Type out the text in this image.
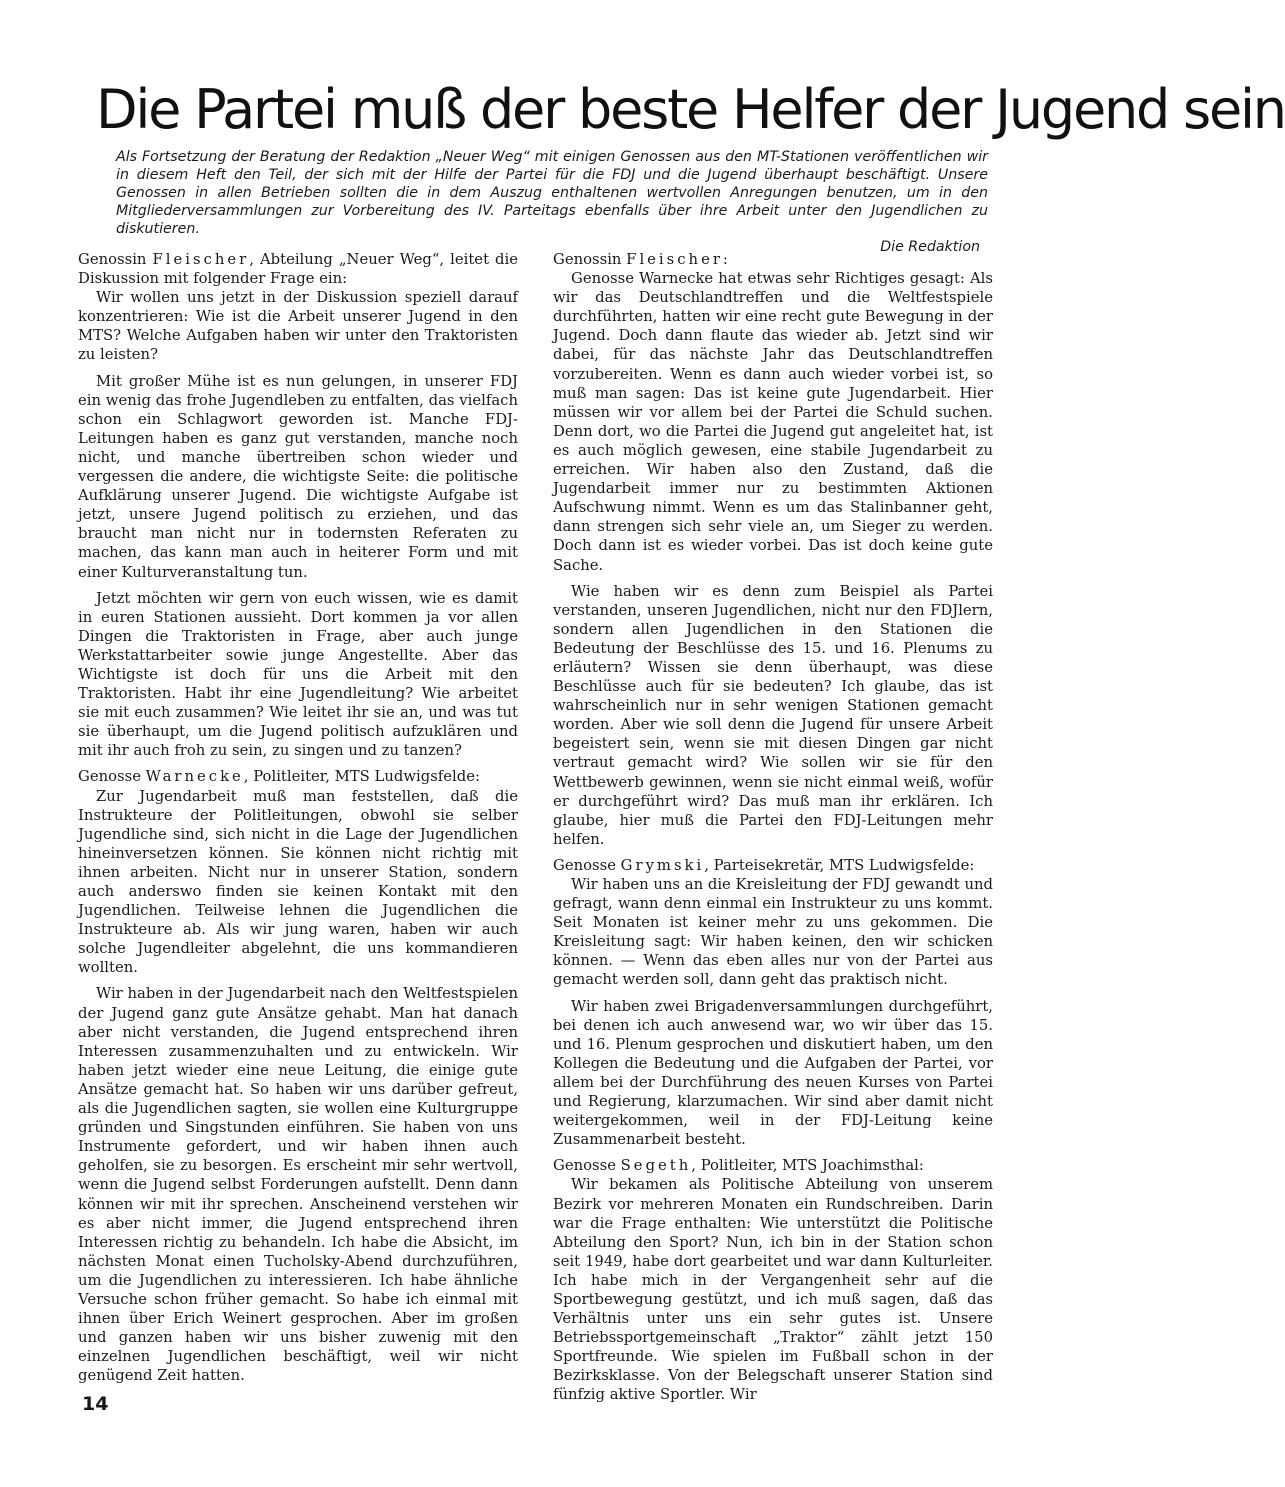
Die Partei muß der beste Helfer der Jugend sein
Als Fortsetzung der Beratung der Redaktion „Neuer Weg“ mit einigen Genossen aus den MT-Stationen veröffentlichen wir in diesem Heft den Teil, der sich mit der Hilfe der Partei für die FDJ und die Jugend überhaupt beschäftigt. Unsere Genossen in allen Betrieben sollten die in dem Auszug enthaltenen wertvollen Anregungen benutzen, um in den Mitgliederversammlungen zur Vorbereitung des IV. Parteitags ebenfalls über ihre Arbeit unter den Jugendlichen zu diskutieren.
Die Redaktion

Genossin Fleischer, Abteilung „Neuer Weg“, leitet die Diskussion mit folgender Frage ein:

Wir wollen uns jetzt in der Diskussion speziell darauf konzentrieren: Wie ist die Arbeit unserer Jugend in den MTS? Welche Aufgaben haben wir unter den Traktoristen zu leisten?

Mit großer Mühe ist es nun gelungen, in unserer FDJ ein wenig das frohe Jugendleben zu entfalten, das vielfach schon ein Schlagwort geworden ist. Manche FDJ-Leitungen haben es ganz gut verstanden, manche noch nicht, und manche übertreiben schon wieder und vergessen die andere, die wichtigste Seite: die politische Aufklärung unserer Jugend. Die wichtigste Aufgabe ist jetzt, unsere Jugend politisch zu erziehen, und das braucht man nicht nur in todernsten Referaten zu machen, das kann man auch in heiterer Form und mit einer Kulturveranstaltung tun.

Jetzt möchten wir gern von euch wissen, wie es damit in euren Stationen aussieht. Dort kommen ja vor allen Dingen die Traktoristen in Frage, aber auch junge Werkstattarbeiter sowie junge Angestellte. Aber das Wichtigste ist doch für uns die Arbeit mit den Traktoristen. Habt ihr eine Jugendleitung? Wie arbeitet sie mit euch zusammen? Wie leitet ihr sie an, und was tut sie überhaupt, um die Jugend politisch aufzuklären und mit ihr auch froh zu sein, zu singen und zu tanzen?

Genosse Warnecke, Politleiter, MTS Ludwigsfelde:

Zur Jugendarbeit muß man feststellen, daß die Instrukteure der Politleitungen, obwohl sie selber Jugendliche sind, sich nicht in die Lage der Jugendlichen hineinversetzen können. Sie können nicht richtig mit ihnen arbeiten. Nicht nur in unserer Station, sondern auch anderswo finden sie keinen Kontakt mit den Jugendlichen. Teilweise lehnen die Jugendlichen die Instrukteure ab. Als wir jung waren, haben wir auch solche Jugendleiter abgelehnt, die uns kommandieren wollten.

Wir haben in der Jugendarbeit nach den Weltfestspielen der Jugend ganz gute Ansätze gehabt. Man hat danach aber nicht verstanden, die Jugend entsprechend ihren Interessen zusammenzuhalten und zu entwickeln. Wir haben jetzt wieder eine neue Leitung, die einige gute Ansätze gemacht hat. So haben wir uns darüber gefreut, als die Jugendlichen sagten, sie wollen eine Kulturgruppe gründen und Singstunden einführen. Sie haben von uns Instrumente gefordert, und wir haben ihnen auch geholfen, sie zu besorgen. Es erscheint mir sehr wertvoll, wenn die Jugend selbst Forderungen aufstellt. Denn dann können wir mit ihr sprechen. Anscheinend verstehen wir es aber nicht immer, die Jugend entsprechend ihren Interessen richtig zu behandeln. Ich habe die Absicht, im nächsten Monat einen Tucholsky-Abend durchzuführen, um die Jugendlichen zu interessieren. Ich habe ähnliche Versuche schon früher gemacht. So habe ich einmal mit ihnen über Erich Weinert gesprochen. Aber im großen und ganzen haben wir uns bisher zuwenig mit den einzelnen Jugendlichen beschäftigt, weil wir nicht genügend Zeit hatten.

Genossin Fleischer:

Genosse Warnecke hat etwas sehr Richtiges gesagt: Als wir das Deutschlandtreffen und die Weltfestspiele durchführten, hatten wir eine recht gute Bewegung in der Jugend. Doch dann flaute das wieder ab. Jetzt sind wir dabei, für das nächste Jahr das Deutschlandtreffen vorzubereiten. Wenn es dann auch wieder vorbei ist, so muß man sagen: Das ist keine gute Jugendarbeit. Hier müssen wir vor allem bei der Partei die Schuld suchen. Denn dort, wo die Partei die Jugend gut angeleitet hat, ist es auch möglich gewesen, eine stabile Jugendarbeit zu erreichen. Wir haben also den Zustand, daß die Jugendarbeit immer nur zu bestimmten Aktionen Aufschwung nimmt. Wenn es um das Stalinbanner geht, dann strengen sich sehr viele an, um Sieger zu werden. Doch dann ist es wieder vorbei. Das ist doch keine gute Sache.

Wie haben wir es denn zum Beispiel als Partei verstanden, unseren Jugendlichen, nicht nur den FDJlern, sondern allen Jugendlichen in den Stationen die Bedeutung der Beschlüsse des 15. und 16. Plenums zu erläutern? Wissen sie denn überhaupt, was diese Beschlüsse auch für sie bedeuten? Ich glaube, das ist wahrscheinlich nur in sehr wenigen Stationen gemacht worden. Aber wie soll denn die Jugend für unsere Arbeit begeistert sein, wenn sie mit diesen Dingen gar nicht vertraut gemacht wird? Wie sollen wir sie für den Wettbewerb gewinnen, wenn sie nicht einmal weiß, wofür er durchgeführt wird? Das muß man ihr erklären. Ich glaube, hier muß die Partei den FDJ-Leitungen mehr helfen.

Genosse Grymski, Parteisekretär, MTS Ludwigsfelde:

Wir haben uns an die Kreisleitung der FDJ gewandt und gefragt, wann denn einmal ein Instrukteur zu uns kommt. Seit Monaten ist keiner mehr zu uns gekommen. Die Kreisleitung sagt: Wir haben keinen, den wir schicken können. — Wenn das eben alles nur von der Partei aus gemacht werden soll, dann geht das praktisch nicht.

Wir haben zwei Brigadenversammlungen durchgeführt, bei denen ich auch anwesend war, wo wir über das 15. und 16. Plenum gesprochen und diskutiert haben, um den Kollegen die Bedeutung und die Aufgaben der Partei, vor allem bei der Durchführung des neuen Kurses von Partei und Regierung, klarzumachen. Wir sind aber damit nicht weitergekommen, weil in der FDJ-Leitung keine Zusammenarbeit besteht.

Genosse Segeth, Politleiter, MTS Joachimsthal:

Wir bekamen als Politische Abteilung von unserem Bezirk vor mehreren Monaten ein Rundschreiben. Darin war die Frage enthalten: Wie unterstützt die Politische Abteilung den Sport? Nun, ich bin in der Station schon seit 1949, habe dort gearbeitet und war dann Kulturleiter. Ich habe mich in der Vergangenheit sehr auf die Sportbewegung gestützt, und ich muß sagen, daß das Verhältnis unter uns ein sehr gutes ist. Unsere Betriebssportgemeinschaft „Traktor“ zählt jetzt 150 Sportfreunde. Wie spielen im Fußball schon in der Bezirksklasse. Von der Belegschaft unserer Station sind fünfzig aktive Sportler. Wir

14
